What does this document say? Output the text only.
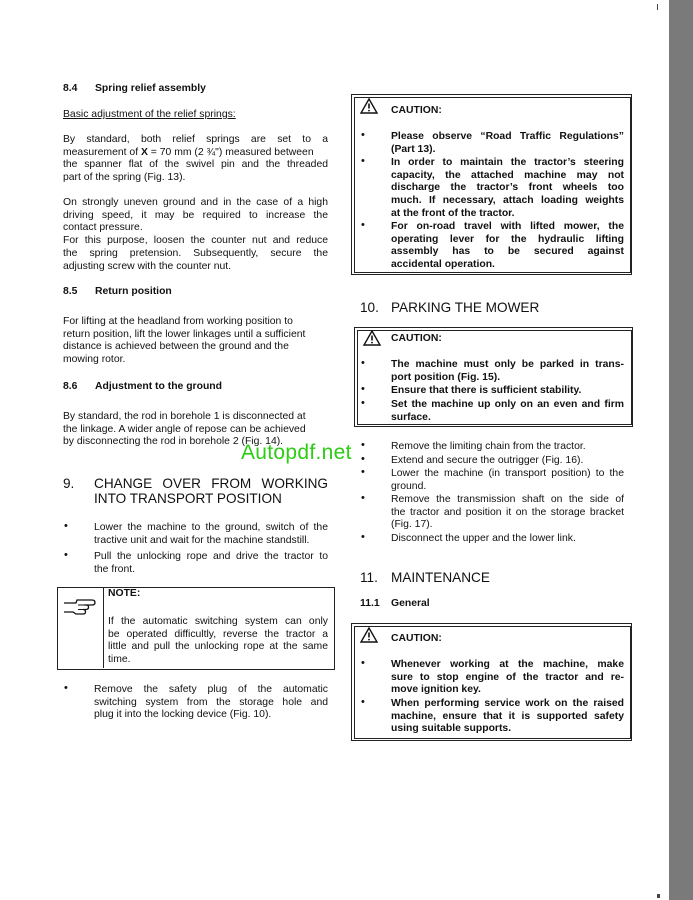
8.4 Spring relief assembly
Basic adjustment of the relief springs:
By standard, both relief springs are set to a
measurement of X = 70 mm (2 ¾") measured between
the spanner flat of the swivel pin and the threaded
part of the spring (Fig. 13).
On strongly uneven ground and in the case of a high
driving speed, it may be required to increase the
contact pressure.
For this purpose, loosen the counter nut and reduce
the spring pretension. Subsequently, secure the
adjusting screw with the counter nut.
8.5 Return position
For lifting at the headland from working position to
return position, lift the lower linkages until a sufficient
distance is achieved between the ground and the
mowing rotor.
8.6 Adjustment to the ground
By standard, the rod in borehole 1 is disconnected at
the linkage. A wider angle of repose can be achieved
by disconnecting the rod in borehole 2 (Fig. 14).
9. CHANGE OVER FROM WORKING
INTO TRANSPORT POSITION
•	Lower the machine to the ground, switch of the
tractive unit and wait for the machine standstill.
•	Pull the unlocking rope and drive the tractor to
the front.
NOTE:
If the automatic switching system can only
be operated difficultly, reverse the tractor a
little and pull the unlocking rope at the same
time.
•	Remove the safety plug of the automatic
switching system from the storage hole and
plug it into the locking device (Fig. 10).
CAUTION:
•	Please observe “Road Traffic Regulations”
(Part 13).
•	In order to maintain the tractor’s steering
capacity, the attached machine may not
discharge the tractor’s front wheels too
much. If necessary, attach loading weights
at the front of the tractor.
•	For on-road travel with lifted mower, the
operating lever for the hydraulic lifting
assembly has to be secured against
accidental operation.
10. PARKING THE MOWER
CAUTION:
•	The machine must only be parked in trans-
port position (Fig. 15).
•	Ensure that there is sufficient stability.
•	Set the machine up only on an even and firm
surface.
•	Remove the limiting chain from the tractor.
•	Extend and secure the outrigger (Fig. 16).
•	Lower the machine (in transport position) to the
ground.
•	Remove the transmission shaft on the side of
the tractor and position it on the storage bracket
(Fig. 17).
•	Disconnect the upper and the lower link.
11. MAINTENANCE
11.1 General
CAUTION:
•	Whenever working at the machine, make
sure to stop engine of the tractor and re-
move ignition key.
•	When performing service work on the raised
machine, ensure that it is supported safety
using suitable supports.
Autopdf.net
